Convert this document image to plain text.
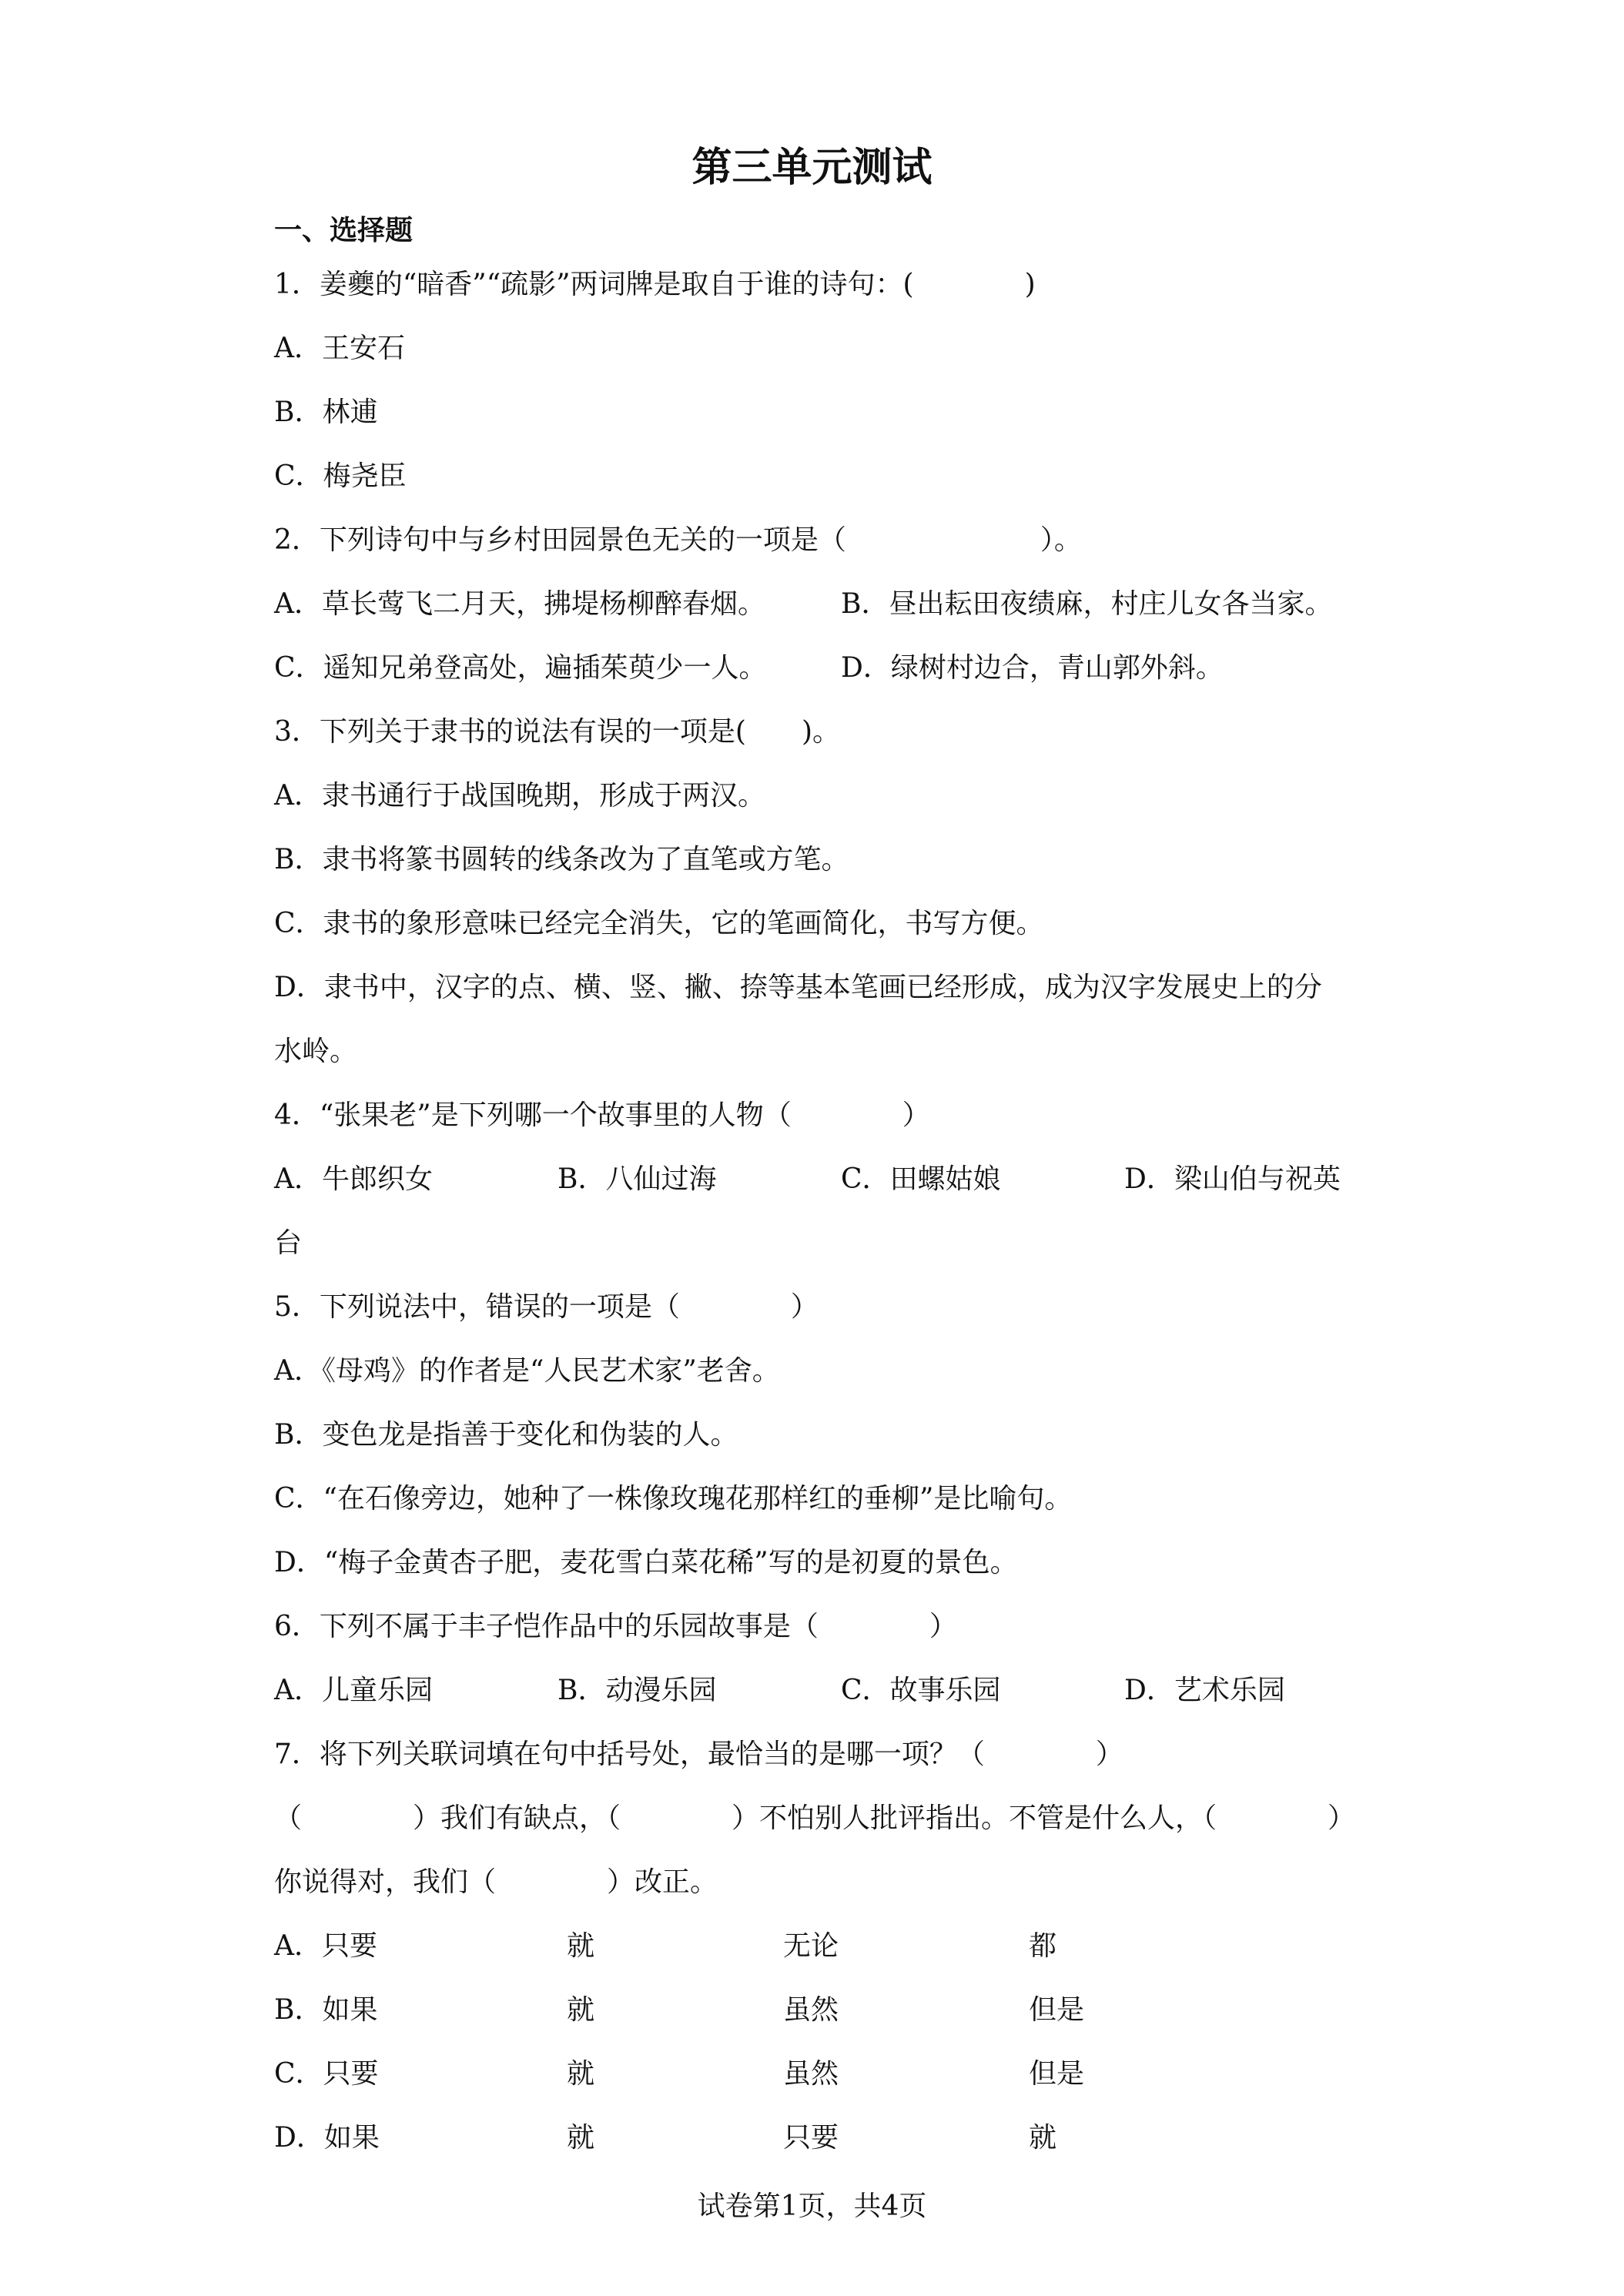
第三单元测试
一、选择题
1．姜夔的“暗香”“疏影”两词牌是取自于谁的诗句：(　　　　)
A．王安石
B．林逋
C．梅尧臣
2．下列诗句中与乡村田园景色无关的一项是（　　　　　　　）。
A．草长莺飞二月天，拂堤杨柳醉春烟。	B．昼出耘田夜绩麻，村庄儿女各当家。
C．遥知兄弟登高处，遍插茱萸少一人。	D．绿树村边合，青山郭外斜。
3．下列关于隶书的说法有误的一项是(　　)。
A．隶书通行于战国晚期，形成于两汉。
B．隶书将篆书圆转的线条改为了直笔或方笔。
C．隶书的象形意味已经完全消失，它的笔画简化，书写方便。
D．隶书中，汉字的点、横、竖、撇、捺等基本笔画已经形成，成为汉字发展史上的分
水岭。
4．“张果老”是下列哪一个故事里的人物（　　　　）
A．牛郎织女	B．八仙过海	C．田螺姑娘	D．梁山伯与祝英
台
5．下列说法中，错误的一项是（　　　　）
A．《母鸡》的作者是“人民艺术家”老舍。
B．变色龙是指善于变化和伪装的人。
C．“在石像旁边，她种了一株像玫瑰花那样红的垂柳”是比喻句。
D．“梅子金黄杏子肥，麦花雪白菜花稀”写的是初夏的景色。
6．下列不属于丰子恺作品中的乐园故事是（　　　　）
A．儿童乐园	B．动漫乐园	C．故事乐园	D．艺术乐园
7．将下列关联词填在句中括号处，最恰当的是哪一项？（　　　　）
（　　　　）我们有缺点，（　　　　）不怕别人批评指出。不管是什么人，（　　　　）
你说得对，我们（　　　　）改正。
A．只要	就	无论	都
B．如果	就	虽然	但是
C．只要	就	虽然	但是
D．如果	就	只要	就
试卷第1页，共4页
